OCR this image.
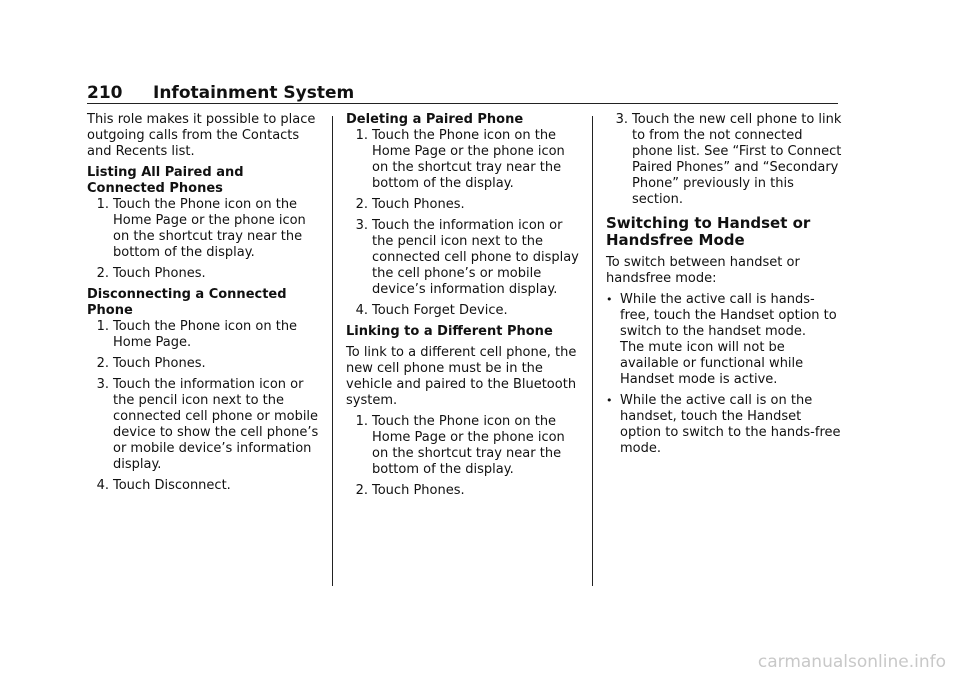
210 Infotainment System

This role makes it possible to place outgoing calls from the Contacts and Recents list.

Listing All Paired and Connected Phones

1. Touch the Phone icon on the Home Page or the phone icon on the shortcut tray near the bottom of the display.
2. Touch Phones.

Disconnecting a Connected Phone

1. Touch the Phone icon on the Home Page.
2. Touch Phones.
3. Touch the information icon or the pencil icon next to the connected cell phone or mobile device to show the cell phone’s or mobile device’s information display.
4. Touch Disconnect.

Deleting a Paired Phone

1. Touch the Phone icon on the Home Page or the phone icon on the shortcut tray near the bottom of the display.
2. Touch Phones.
3. Touch the information icon or the pencil icon next to the connected cell phone to display the cell phone’s or mobile device’s information display.
4. Touch Forget Device.

Linking to a Different Phone

To link to a different cell phone, the new cell phone must be in the vehicle and paired to the Bluetooth system.

1. Touch the Phone icon on the Home Page or the phone icon on the shortcut tray near the bottom of the display.
2. Touch Phones.
3. Touch the new cell phone to link to from the not connected phone list. See “First to Connect Paired Phones” and “Secondary Phone” previously in this section.

Switching to Handset or Handsfree Mode

To switch between handset or handsfree mode:

• While the active call is hands-free, touch the Handset option to switch to the handset mode.

The mute icon will not be available or functional while Handset mode is active.

• While the active call is on the handset, touch the Handset option to switch to the hands-free mode.
carmanualsonline.info
